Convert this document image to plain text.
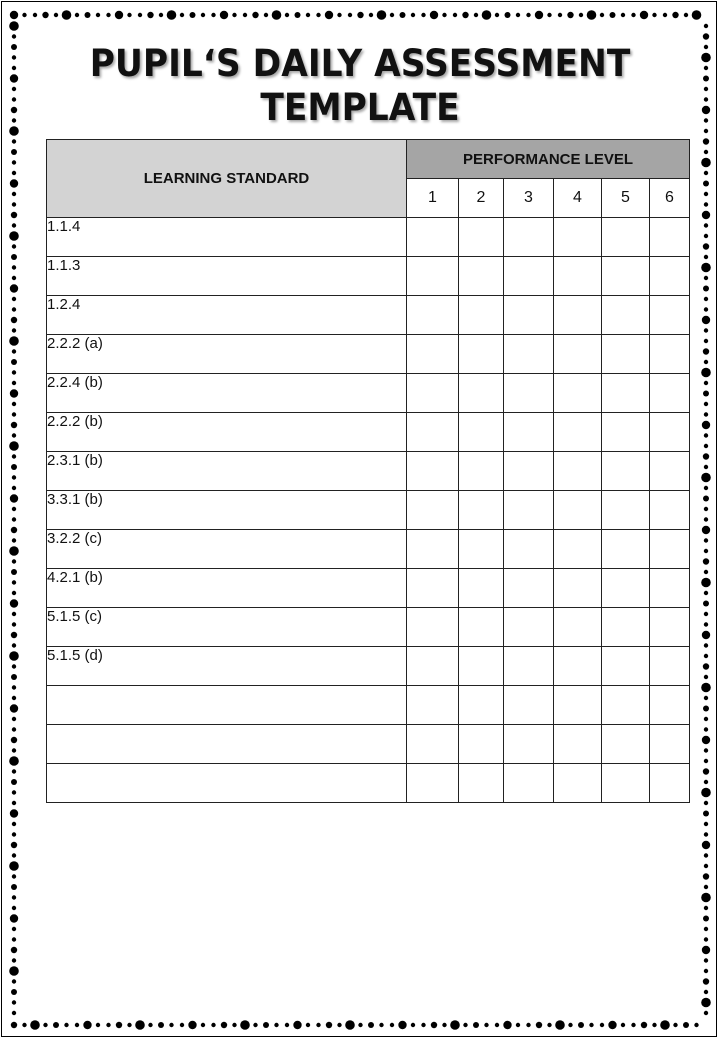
PUPIL‘S DAILY ASSESSMENT
TEMPLATE
LEARNING STANDARD	PERFORMANCE LEVEL					
	1	2	3	4	5	6
1.1.4						
1.1.3						
1.2.4						
2.2.2 (a)						
2.2.4 (b)						
2.2.2 (b)						
2.3.1 (b)						
3.3.1 (b)						
3.2.2 (c)						
4.2.1 (b)						
5.1.5 (c)						
5.1.5 (d)						
